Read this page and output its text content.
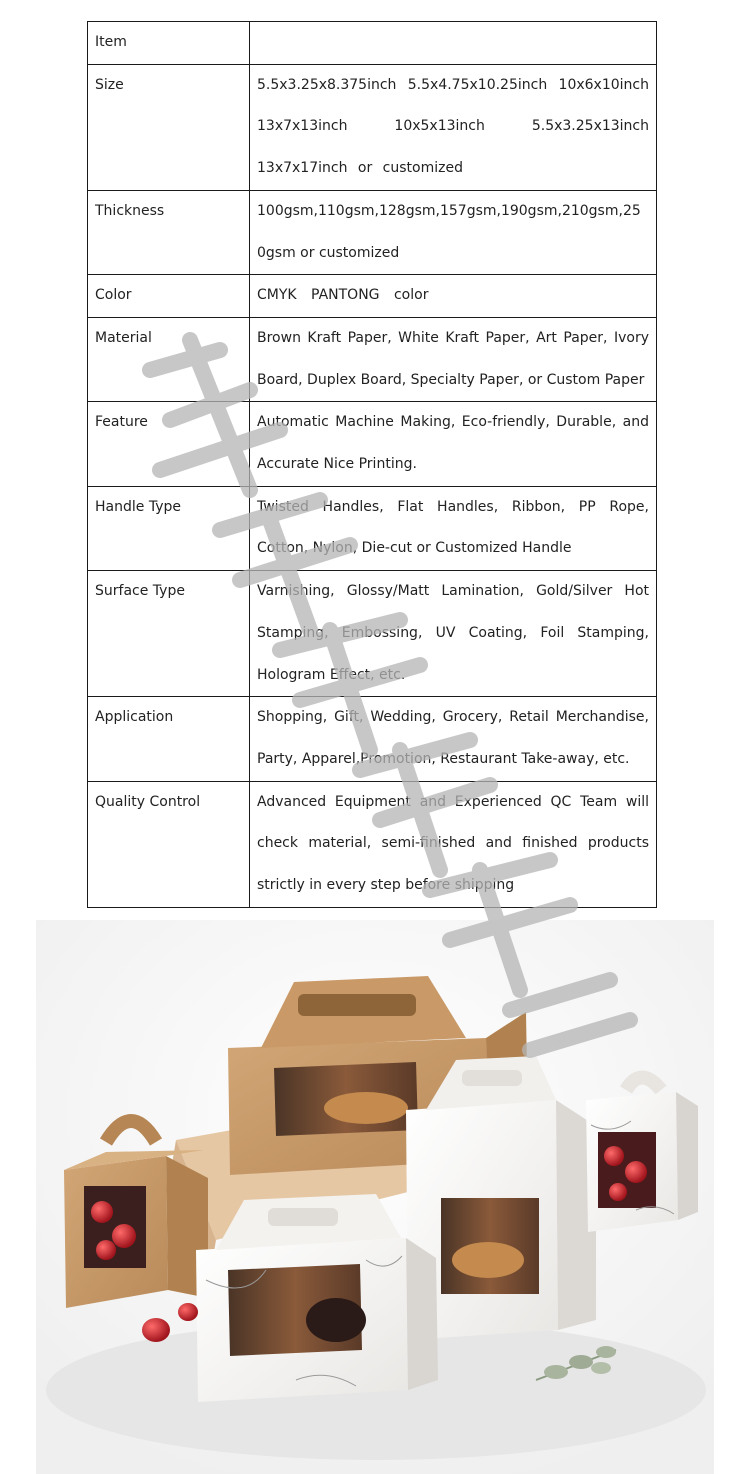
Item	
Size	5.5x3.25x8.375inch 5.5x4.75x10.25inch 10x6x10inch 13x7x13inch 10x5x13inch 5.5x3.25x13inch 13x7x17inch or customized
Thickness	100gsm,110gsm,128gsm,157gsm,190gsm,210gsm,250gsm or customized
Color	CMYK PANTONG color
Material	Brown Kraft Paper, White Kraft Paper, Art Paper, Ivory Board, Duplex Board, Specialty Paper, or Custom Paper
Feature	Automatic Machine Making, Eco-friendly, Durable, and Accurate Nice Printing.
Handle Type	Twisted Handles, Flat Handles, Ribbon, PP Rope, Cotton, Nylon, Die-cut or Customized Handle
Surface Type	Varnishing, Glossy/Matt Lamination, Gold/Silver Hot Stamping, Embossing, UV Coating, Foil Stamping, Hologram Effect, etc.
Application	Shopping, Gift, Wedding, Grocery, Retail Merchandise, Party, Apparel,Promotion, Restaurant Take-away, etc.
Quality Control	Advanced Equipment and Experienced QC Team will check material, semi-finished and finished products strictly in every step before shipping
